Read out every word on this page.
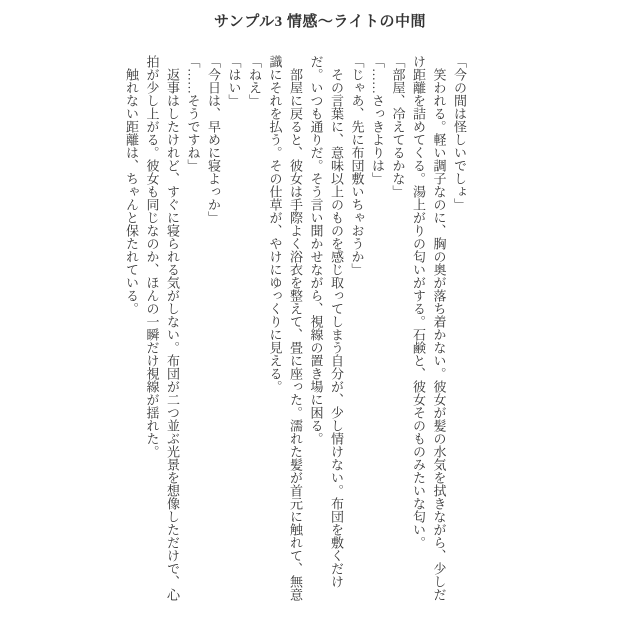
サンプル3 情感〜ライトの中間

「今の間は怪しいでしょ」

　笑われる。軽い調子なのに、胸の奥が落ち着かない。彼女が髪の水気を拭きながら、少しだけ距離を詰めてくる。湯上がりの匂いがする。石鹸と、彼女そのものみたいな匂い。

「部屋、冷えてるかな」

「……さっきよりは」

「じゃあ、先に布団敷いちゃおうか」

　その言葉に、意味以上のものを感じ取ってしまう自分が、少し情けない。布団を敷くだけだ。いつも通りだ。そう言い聞かせながら、視線の置き場に困る。

　部屋に戻ると、彼女は手際よく浴衣を整えて、畳に座った。濡れた髪が首元に触れて、無意識にそれを払う。その仕草が、やけにゆっくりに見える。

「ねえ」

「はい」

「今日は、早めに寝よっか」

「……そうですね」

　返事はしたけれど、すぐに寝られる気がしない。布団が二つ並ぶ光景を想像しただけで、心拍が少し上がる。彼女も同じなのか、ほんの一瞬だけ視線が揺れた。

　触れない距離は、ちゃんと保たれている。
